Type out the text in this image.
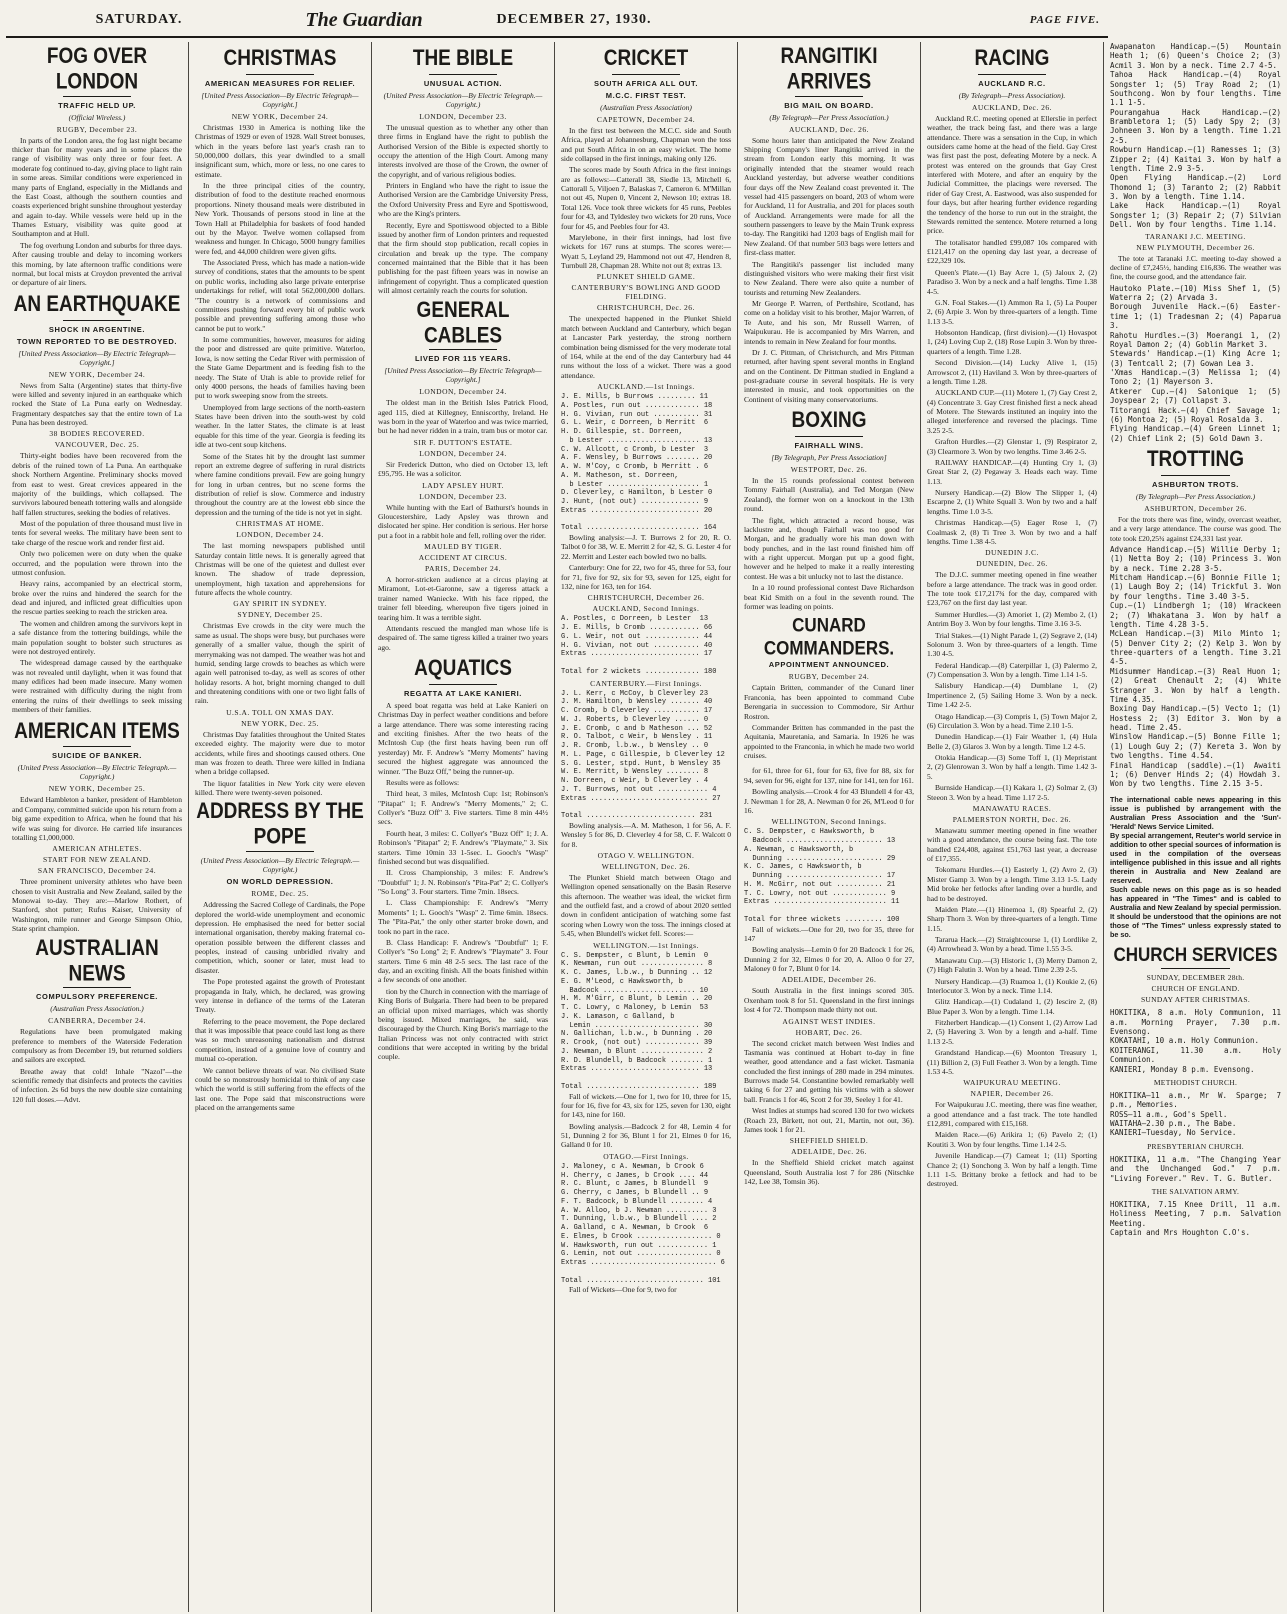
SATURDAY.	The Guardian	DECEMBER 27, 1930.	PAGE FIVE.
FOG OVER LONDON
TRAFFIC HELD UP.
(Official Wireless.)
RUGBY, December 23.

In parts of the London area, the fog last night became thicker than for many years and in some places the range of visibility was only three or four feet. A moderate fog continued to-day, giving place to light rain in some areas. Similar conditions were experienced in many parts of England, especially in the Midlands and the East Coast, although the southern counties and coasts experienced bright sunshine throughout yesterday and again to-day. While vessels were held up in the Thames Estuary, visibility was quite good at Southampton and at Hull.

The fog overhung London and suburbs for three days. After causing trouble and delay to incoming workers this morning, by late afternoon traffic conditions were normal, but local mists at Croydon prevented the arrival or departure of air liners.

AN EARTHQUAKE
SHOCK IN ARGENTINE.
TOWN REPORTED TO BE DESTROYED.
[United Press Association—By Electric Telegraph—Copyright.]
NEW YORK, December 24.

News from Salta (Argentine) states that thirty-five were killed and seventy injured in an earthquake which rocked the State of La Puna early on Wednesday. Fragmentary despatches say that the entire town of La Puna has been destroyed.

38 BODIES RECOVERED.
VANCOUVER, Dec. 25.

Thirty-eight bodies have been recovered from the debris of the ruined town of La Puna. An earthquake shock Northern Argentine. Preliminary shocks moved from east to west. Great crevices appeared in the majority of the buildings, which collapsed. The survivors laboured beneath tottering walls and alongside half fallen structures, seeking the bodies of relatives.

Most of the population of three thousand must live in tents for several weeks. The military have been sent to take charge of the rescue work and render first aid.

Only two policemen were on duty when the quake occurred, and the population were thrown into the utmost confusion.

Heavy rains, accompanied by an electrical storm, broke over the ruins and hindered the search for the dead and injured, and inflicted great difficulties upon the rescue parties seeking to reach the stricken area.

The women and children among the survivors kept in a safe distance from the tottering buildings, while the main population sought to bolster such structures as were not destroyed entirely.

The widespread damage caused by the earthquake was not revealed until daylight, when it was found that many edifices had been made insecure. Many women were restrained with difficulty during the night from entering the ruins of their dwellings to seek missing members of their families.

AMERICAN ITEMS
SUICIDE OF BANKER.
(United Press Association—By Electric Telegraph.—Copyright.)
NEW YORK, December 25.

Edward Hambleton a banker, president of Hambleton and Company, committed suicide upon his return from a big game expedition to Africa, when he found that his wife was suing for divorce. He carried life insurances totalling £1,000,000.

AMERICAN ATHLETES.
START FOR NEW ZEALAND.
SAN FRANCISCO, December 24.

Three prominent university athletes who have been chosen to visit Australia and New Zealand, sailed by the Monowai to-day. They are:—Marlow Rothert, of Stanford, shot putter; Rufus Kaiser, University of Washington, mile runner and George Simpson Ohio, State sprint champion.

AUSTRALIAN NEWS
COMPULSORY PREFERENCE.
(Australian Press Association.)
CANBERRA, December 24.

Regulations have been promulgated making preference to members of the Waterside Federation compulsory as from December 19, but returned soldiers and sailors are excepted.

Breathe away that cold! Inhale "Nazol"—the scientific remedy that disinfects and protects the cavities of infection. 2s 6d buys the new double size containing 120 full doses.—Advt.

CHRISTMAS
AMERICAN MEASURES FOR RELIEF.
[United Press Association—By Electric Telegraph—Copyright.]
NEW YORK, December 24.

Christmas 1930 in America is nothing like the Christmas of 1929 or even of 1928. Wall Street bonuses, which in the years before last year's crash ran to 50,000,000 dollars, this year dwindled to a small insignificant sum, which, more or less, no one cares to estimate.

In the three principal cities of the country, distribution of food to the destitute reached enormous proportions. Ninety thousand meals were distributed in New York. Thousands of persons stood in line at the Town Hall at Philadelphia for baskets of food handed out by the Mayor. Twelve women collapsed from weakness and hunger. In Chicago, 5000 hungry families were fed, and 44,000 children were given gifts.

The Associated Press, which has made a nation-wide survey of conditions, states that the amounts to be spent on public works, including also large private enterprise undertakings for relief, will total 562,000,000 dollars. "The country is a network of commissions and committees pushing forward every bit of public work possible and preventing suffering among those who cannot be put to work."

In some communities, however, measures for aiding the poor and distressed are quite primitive. Waterloo, Iowa, is now setting the Cedar River with permission of the State Game Department and is feeding fish to the needy. The State of Utah is able to provide relief for only 4000 persons, the heads of families having been put to work sweeping snow from the streets.

Unemployed from large sections of the north-eastern States have been driven into the south-west by cold weather. In the latter States, the climate is at least equable for this time of the year. Georgia is feeding its idle at two-cent soup kitchens.

Some of the States hit by the drought last summer report an extreme degree of suffering in rural districts where famine conditions prevail. Few are going hungry for long in urban centres, but no scene forms the distribution of relief is slow. Commerce and industry throughout the country are at the lowest ebb since the depression and the turning of the tide is not yet in sight.

CHRISTMAS AT HOME.
LONDON, December 24.

The last morning newspapers published until Saturday contain little news. It is generally agreed that Christmas will be one of the quietest and dullest ever known. The shadow of trade depression, unemployment, high taxation and apprehensions for future affects the whole country.

GAY SPIRIT IN SYDNEY.
SYDNEY, December 25.

Christmas Eve crowds in the city were much the same as usual. The shops were busy, but purchases were generally of a smaller value, though the spirit of merrymaking was not damped. The weather was hot and humid, sending large crowds to beaches as which were again well patronised to-day, as well as scores of other holiday resorts. A hot, bright morning changed to dull and threatening conditions with one or two light falls of rain.

U.S.A. TOLL ON XMAS DAY.
NEW YORK, Dec. 25.

Christmas Day fatalities throughout the United States exceeded eighty. The majority were due to motor accidents, while fires and shootings caused others. One man was frozen to death. Three were killed in Indiana when a bridge collapsed.

The liquor fatalities in New York city were eleven killed. There were twenty-seven poisoned.

ADDRESS BY THE POPE
(United Press Association—By Electric Telegraph.—Copyright.)
ON WORLD DEPRESSION.
ROME, Dec. 25.

Addressing the Sacred College of Cardinals, the Pope deplored the world-wide unemployment and economic depression. He emphasised the need for better social international organisation, thereby making fraternal co-operation possible between the different classes and peoples, instead of causing unbridled rivalry and competition, which, sooner or later, must lead to disaster.

The Pope protested against the growth of Protestant propaganda in Italy, which, he declared, was growing very intense in defiance of the terms of the Lateran Treaty.

Referring to the peace movement, the Pope declared that it was impossible that peace could last long as there was so much unreasoning nationalism and distrust competition, instead of a genuine love of country and mutual co-operation.

We cannot believe threats of war. No civilised State could be so monstrously homicidal to think of any case which the world is still suffering from the effects of the last one. The Pope said that misconstructions were placed on the arrangements same

THE BIBLE
UNUSUAL ACTION.
(United Press Association—By Electric Telegraph.—Copyright.)
LONDON, December 23.

The unusual question as to whether any other than three firms in England have the right to publish the Authorised Version of the Bible is expected shortly to occupy the attention of the High Court. Among many interests involved are those of the Crown, the owner of the copyright, and of various religious bodies.

Printers in England who have the right to issue the Authorised Version are the Cambridge University Press, the Oxford University Press and Eyre and Spottiswood, who are the King's printers.

Recently, Eyre and Spottiswood objected to a Bible issued by another firm of London printers and requested that the firm should stop publication, recall copies in circulation and break up the type. The company concerned maintained that the Bible that it has been publishing for the past fifteen years was in nowise an infringement of copyright. Thus a complicated question will almost certainly reach the courts for solution.

GENERAL CABLES
LIVED FOR 115 YEARS.
[United Press Association—By Electric Telegraph—Copyright.]
LONDON, December 24.

The oldest man in the British Isles Patrick Flood, aged 115, died at Killegney, Enniscorthy, Ireland. He was born in the year of Waterloo and was twice married, but he had never ridden in a train, tram bus or motor car.

SIR F. DUTTON'S ESTATE.
LONDON, December 24.

Sir Frederick Dutton, who died on October 13, left £95,795. He was a solicitor.

LADY APSLEY HURT.
LONDON, December 23.

While hunting with the Earl of Bathurst's hounds in Gloucestershire, Lady Apsley was thrown and dislocated her spine. Her condition is serious. Her horse put a foot in a rabbit hole and fell, rolling over the rider.

MAULED BY TIGER.
ACCIDENT AT CIRCUS.
PARIS, December 24.

A horror-stricken audience at a circus playing at Miramont, Lot-et-Garonne, saw a tigeress attack a trainer named Waniecke. With his face ripped, the trainer fell bleeding, whereupon five tigers joined in tearing him. It was a terrible sight.

Attendants rescued the mangled man whose life is despaired of. The same tigress killed a trainer two years ago.

AQUATICS
REGATTA AT LAKE KANIERI.

A speed boat regatta was held at Lake Kanieri on Christmas Day in perfect weather conditions and before a large attendance. There was some interesting racing and exciting finishes. After the two heats of the McIntosh Cup (the first heats having been run off yesterday) Mr. F. Andrew's "Merry Moments" having secured the highest aggregate was announced the winner. "The Buzz Off," being the runner-up.

Results were as follows:

Third heat, 3 miles, McIntosh Cup: 1st; Robinson's "Pitapat" 1; F. Andrew's "Merry Moments," 2; C. Collyer's "Buzz Off" 3. Five starters. Time 8 min 44½ secs.

Fourth heat, 3 miles: C. Collyer's "Buzz Off" 1; J. A. Robinson's "Pitapat" 2; F. Andrew's "Playmate," 3. Six starters. Time 10min 33 1-5sec. L. Gooch's "Wasp" finished second but was disqualified.

II. Cross Championship, 3 miles: F. Andrew's "Doubtful" 1; J. N. Robinson's "Pita-Pat" 2; C. Collyer's "So Long" 3. Four starters. Time 7min. 18secs.

L. Class Championship: F. Andrew's "Merry Moments" 1; L. Gooch's "Wasp" 2. Time 6min. 18secs. The "Pita-Pat," the only other starter broke down, and took no part in the race.

B. Class Handicap: F. Andrew's "Doubtful" 1; F. Collyer's "So Long" 2; F. Andrew's "Playmate" 3. Four starters. Time 6 min 48 2-5 secs. The last race of the day, and an exciting finish. All the boats finished within a few seconds of one another.

tion by the Church in connection with the marriage of King Boris of Bulgaria. There had been to be prepared an official upon mixed marriages, which was shortly being issued. Mixed marriages, he said, was discouraged by the Church. King Boris's marriage to the Italian Princess was not only contracted with strict conditions that were accepted in writing by the bridal couple.

CRICKET
SOUTH AFRICA ALL OUT.
M.C.C. FIRST TEST.
(Australian Press Association)
CAPETOWN, December 24.

In the first test between the M.C.C. side and South Africa, played at Johannesburg, Chapman won the toss and put South Africa in on an easy wicket. The home side collapsed in the first innings, making only 126.

The scores made by South Africa in the first innings are as follows:—Catterall 38, Siedle 13, Mitchell 6, Cattorall 5, Viljoen 7, Balaskas 7, Cameron 6. M'Millan not out 45, Nupen 0, Vincent 2, Newson 10; extras 18. Total 126. Voce took three wickets for 45 runs, Peebles four for 43, and Tyldesley two wickets for 20 runs, Voce four for 45, and Peebles four for 43.

Marylebone, in their first innings, had lost five wickets for 167 runs at stumps. The scores were:—Wyatt 5, Leyland 29, Hammond not out 47, Hendren 8, Turnbull 28, Chapman 28. White not out 8; extras 13.

PLUNKET SHIELD GAME.
CANTERBURY'S BOWLING AND GOOD FIELDING.
CHRISTCHURCH, Dec. 26.

The unexpected happened in the Plunket Shield match between Auckland and Canterbury, which began at Lancaster Park yesterday, the strong northern combination being dismissed for the very moderate total of 164, while at the end of the day Canterbury had 44 runs without the loss of a wicket. There was a good attendance.

AUCKLAND.—1st Innings.
J. E. Mills, b Burrows ......... 11
A. Postles, run out ............. 18
H. G. Vivian, run out ........... 31
G. L. Weir, c Dorreen, b Merritt  6
H. D. Gillespie, st. Dorreen,
b Lester ...................... 13
C. W. Allcott, c Cromb, b Lester  3
A. F. Wensley, b Burrows ........ 20
A. W. M'Coy, c Cromb, b Merritt . 6
A. M. Matheson, st. Dorreen,
b Lester ...................... 1
D. Cleverley, c Hamilton, b Lester 0
J. Hunt, (not out) .............. 9
Extras .......................... 20

Total ........................... 164

Bowling analysis:—J. T. Burrows 2 for 20, R. O. Talbot 0 for 38, W. E. Merritt 2 for 42, S. G. Lester 4 for 22. Merritt and Lester each bowled two no balls.

Canterbury: One for 22, two for 45, three for 53, four for 71, five for 92, six for 93, seven for 125, eight for 132, nine for 163, ten for 164.

CHRISTCHURCH, December 26.
AUCKLAND, Second Innings.
A. Postles, c Dorreen, b Lester  13
J. E. Mills, b Cromb ............ 66
G. L. Weir, not out ............. 44
H. G. Vivian, not out ........... 40
Extras .......................... 17

Total for 2 wickets ............. 180
CANTERBURY.—First Innings.
J. L. Kerr, c McCoy, b Cleverley 23
J. M. Hamilton, b Wensley ....... 40
C. Cromb, b Cleverley ........... 17
W. J. Roberts, b Cleverley ...... 0
J. E. Cromb, c and b Matheson ... 52
R. O. Talbot, c Weir, b Wensley . 11
J. R. Cromb, l.b.w., b Wensley .. 0
M. L. Page, c Gillespie, b Cleverley 12
S. G. Lester, stpd. Hunt, b Wensley 35
W. E. Merritt, b Wensley ........ 8
N. Dorreen, c Weir, b Cleverley . 4
J. T. Burrows, not out ............ 4
Extras ............................ 27

Total .......................... 231

Bowling analysis.—A. M. Matheson, 1 for 56, A. F. Wensley 5 for 86, D. Cleverley 4 for 58, C. F. Walcott 0 for 8.

OTAGO V. WELLINGTON.
WELLINGTON, Dec. 26.

The Plunket Shield match between Otago and Wellington opened sensationally on the Basin Reserve this afternoon. The weather was ideal, the wicket firm and the outfield fast, and a crowd of about 2020 settled down in confident anticipation of watching some fast scoring when Lowry won the toss. The innings closed at 5.45, when Blundell's wicket fell. Scores:—

WELLINGTON.—1st Innings.
C. S. Dempster, c Blunt, b Lemin  0
K. Newman, run out ............... 8
K. C. James, l.b.w., b Dunning .. 12
E. G. M'Leod, c Hawksworth, b
Badcock ...................... 10
H. M. M'Girr, c Blunt, b Lemin .. 20
T. C. Lowry, c Maloney, b Lemin  53
J. K. Lamason, c Galland, b
Lemin ......................... 30
N. Gallichan, l.b.w., b Dunning . 20
R. Crook, (not out) ............. 39
J. Newman, b Blunt ............... 2
R. D. Blundell, b Badcock ........ 1
Extras .......................... 13

Total ........................... 189

Fall of wickets.—One for 1, two for 10, three for 15, four for 16, five for 43, six for 125, seven for 130, eight for 143, nine for 160.

Bowling analysis.—Badcock 2 for 48, Lemin 4 for 51, Dunning 2 for 36, Blunt 1 for 21, Elmes 0 for 16, Galland 0 for 10.

OTAGO.—First Innings.
J. Maloney, c A. Newman, b Crook 6
H. Cherry, c James, b Crook .... 44
R. C. Blunt, c James, b Blundell  9
G. Cherry, c James, b Blundell .. 9
F. T. Badcock, b Blundell ........ 4
A. W. Alloo, b J. Newman .......... 3
T. Dunning, l.b.w., b Blundell .... 2
A. Galland, c A. Newman, b Crook  6
E. Elmes, b Crook .................. 0
W. Hawksworth, run out ............ 1
G. Lemin, not out .................. 0
Extras .............................. 6

Total ............................ 101

Fall of Wickets—One for 9, two for

RANGITIKI ARRIVES
BIG MAIL ON BOARD.
(By Telegraph—Per Press Association.)
AUCKLAND, Dec. 26.

Some hours later than anticipated the New Zealand Shipping Company's liner Rangitiki arrived in the stream from London early this morning. It was originally intended that the steamer would reach Auckland yesterday, but adverse weather conditions four days off the New Zealand coast prevented it. The vessel had 415 passengers on board, 203 of whom were for Auckland, 11 for Australia, and 201 for places south of Auckland. Arrangements were made for all the southern passengers to leave by the Main Trunk express to-day. The Rangitiki had 1203 bags of English mail for New Zealand. Of that number 503 bags were letters and first-class matter.

The Rangitiki's passenger list included many distinguished visitors who were making their first visit to New Zealand. There were also quite a number of tourists and returning New Zealanders.

Mr George P. Warren, of Perthshire, Scotland, has come on a holiday visit to his brother, Major Warren, of Te Aute, and his son, Mr Russell Warren, of Waipukurau. He is accompanied by Mrs Warren, and intends to remain in New Zealand for four months.

Dr J. C. Pittman, of Christchurch, and Mrs Pittman returned, after having spent several months in England and on the Continent. Dr Pittman studied in England a post-graduate course in several hospitals. He is very interested in music, and took opportunities on the Continent of visiting many conservatoriums.

BOXING
FAIRHALL WINS.
[By Telegraph, Per Press Association]
WESTPORT, Dec. 26.

In the 15 rounds professional contest between Tommy Fairhall (Australia), and Ted Morgan (New Zealand), the former won on a knockout in the 13th round.

The fight, which attracted a record house, was lacklustre and, though Fairhall was too good for Morgan, and he gradually wore his man down with body punches, and in the last round finished him off with a right uppercut. Morgan put up a good fight, however and he helped to make it a really interesting contest. He was a bit unlucky not to last the distance.

In a 10 round professional contest Dave Richardson beat Kid Smith on a foul in the seventh round. The former was leading on points.

CUNARD COMMANDERS.
APPOINTMENT ANNOUNCED.
RUGBY, December 24.

Captain Britten, commander of the Cunard liner Franconia, has been appointed to command Cube Berengaria in succession to Commodore, Sir Arthur Rostron.

Commander Britten has commanded in the past the Aquitania, Mauretania, and Samaria. In 1926 he was appointed to the Franconia, in which he made two world cruises.

for 61, three for 61, four for 63, five for 88, six for 94, seven for 96, eight for 137, nine for 141, ten for 161.

Bowling analysis.—Crook 4 for 43 Blundell 4 for 43, J. Newman 1 for 28, A. Newman 0 for 26, M'Leod 0 for 16.

WELLINGTON, Second Innings.
C. S. Dempster, c Hawksworth, b
Badcock ....................... 13
A. Newman, c Hawksworth, b
Dunning ....................... 29
K. C. James, c Hawksworth, b
Dunning ....................... 17
H. M. McGirr, not out ........... 21
T. C. Lowry, not out ............. 9
Extras ........................... 11

Total for three wickets ......... 100

Fall of wickets.—One for 20, two for 35, three for 147

Bowling analysis—Lemin 0 for 20 Badcock 1 for 26, Dunning 2 for 32, Elmes 0 for 20, A. Alloo 0 for 27, Maloney 0 for 7, Blunt 0 for 14.

ADELAIDE, December 26.

South Australia in the first innings scored 305. Oxenham took 8 for 51. Queensland in the first innings lost 4 for 72. Thompson made thirty not out.

AGAINST WEST INDIES.
HOBART, Dec. 26.

The second cricket match between West Indies and Tasmania was continued at Hobart to-day in fine weather, good attendance and a fast wicket. Tasmania concluded the first innings of 280 made in 294 minutes. Burrows made 54. Constantine bowled remarkably well taking 6 for 27 and getting his victims with a slower ball. Francis 1 for 46, Scott 2 for 39, Seeley 1 for 41.

West Indies at stumps had scored 130 for two wickets (Roach 23, Birkett, not out, 21, Martin, not out, 36). James took 1 for 21.

SHEFFIELD SHIELD.
ADELAIDE, Dec. 26.

In the Sheffield Shield cricket match against Queensland, South Australia lost 7 for 286 (Nitschke 142, Lee 38, Tomsin 36).

RACING
AUCKLAND R.C.
(By Telegraph—Press Association).
AUCKLAND, Dec. 26.

Auckland R.C. meeting opened at Ellerslie in perfect weather, the track being fast, and there was a large attendance. There was a sensation in the Cup, in which outsiders came home at the head of the field. Gay Crest was first past the post, defeating Motere by a neck. A protest was entered on the grounds that Gay Crest interfered with Motere, and after an enquiry by the Judicial Committee, the placings were reversed. The rider of Gay Crest, A. Eastwood, was also suspended for four days, but after hearing further evidence regarding the tendency of the horse to run out in the straight, the Stewards remitted the sentence. Motere returned a long price.

The totalisator handled £99,087 10s compared with £121,417 on the opening day last year, a decrease of £22,329 10s.

Queen's Plate.—(1) Bay Acre 1, (5) Jaloux 2, (2) Paradiso 3. Won by a neck and a half lengths. Time 1.38 4-5.

G.N. Foal Stakes.—(1) Ammon Ra 1, (5) La Pouper 2, (6) Arpie 3. Won by three-quarters of a length. Time 1.13 3-5.

Hobsonton Handicap, (first division).—(1) Hovaspot 1, (24) Loving Cup 2, (18) Rose Lupin 3. Won by three-quarters of a length. Time 1.28.

Second Division.—(14) Lucky Alive 1, (15) Arrowscot 2, (11) Haviland 3. Won by three-quarters of a length. Time 1.28.

AUCKLAND CUP.—(11) Motere 1, (7) Gay Crest 2, (4) Concentrate 3. Gay Crest finished first a neck ahead of Motere. The Stewards instituted an inquiry into the alleged interference and reversed the placings. Time 3.25 2-5.

Grafton Hurdles.—(2) Glenstar 1, (9) Respirator 2, (3) Clearmore 3. Won by two lengths. Time 3.46 2-5.

RAILWAY HANDICAP.—(4) Hunting Cry 1, (3) Great Star 2, (2) Pegaway 3. Heads each way. Time 1.13.

Nursery Handicap.—(2) Blow The Slipper 1, (4) Escarpne 2, (1) White Squall 3. Won by two and a half lengths. Time 1.0 3-5.

Christmas Handicap.—(5) Eager Rose 1, (7) Coalmask 2, (8) Ti Tree 3. Won by two and a half lengths. Time 1.38 4-5.

DUNEDIN J.C.
DUNEDIN, Dec. 26.

The D.J.C. summer meeting opened in fine weather before a large attendance. The track was in good order. The tote took £17,217¾ for the day, compared with £23,767 on the first day last year.

Summer Hurdles.—(3) Amoriet 1, (2) Membo 2, (1) Antrim Boy 3. Won by four lengths. Time 3.16 3-5.

Trial Stakes.—(1) Night Parade 1, (2) Segrave 2, (14) Solonum 3. Won by three-quarters of a length. Time 1.30 4-5.

Federal Handicap.—(8) Caterpillar 1, (3) Palermo 2, (7) Compensation 3. Won by a length. Time 1.14 1-5.

Salisbury Handicap.—(4) Dumblane 1, (2) Impertinence 2, (5) Sailing Home 3. Won by a neck. Time 1.42 2-5.

Otago Handicap.—(3) Compris 1, (5) Town Major 2, (6) Circulation 3. Won by a head. Time 2.10 1-5.

Dunedin Handicap.—(1) Fair Weather 1, (4) Hula Belle 2, (3) Glaros 3. Won by a length. Time 1.2 4-5.

Otokia Handicap.—(3) Some Toff 1, (1) Mepristant 2, (2) Glenrowan 3. Won by half a length. Time 1.42 3-5.

Burnside Handicap.—(1) Kakara 1, (2) Solmar 2, (3) Steeon 3. Won by a head. Time 1.17 2-5.

MANAWATU RACES.
PALMERSTON NORTH, Dec. 26.

Manawatu summer meeting opened in fine weather with a good attendance, the course being fast. The tote handled £24,408, against £51,763 last year, a decrease of £17,355.

Tokomaru Hurdles.—(1) Easterly 1, (2) Avro 2, (3) Mister Gamp 3. Won by a length. Time 3.13 1-5. Lady Mid broke her fetlocks after landing over a hurdle, and had to be destroyed.

Maiden Plate.—(1) Hinemoa 1, (8) Spearful 2, (2) Sharp Thorn 3. Won by three-quarters of a length. Time 1.15.

Tararua Hack.—(2) Straightcourse 1, (1) Lordlike 2, (4) Arrowhead 3. Won by a head. Time 1.55 3-5.

Manawatu Cup.—(3) Historic 1, (3) Merry Damon 2, (7) High Falutin 3. Won by a head. Time 2.39 2-5.

Nursery Handicap.—(3) Ruamoa 1, (1) Koukie 2, (6) Interlocutor 3. Won by a neck. Time 1.14.

Glitz Handicap.—(1) Cudaland 1, (2) Iescire 2, (8) Blue Paper 3. Won by a length. Time 1.14.

Fitzherbert Handicap.—(1) Consent 1, (2) Arrow Lad 2, (5) Havering 3. Won by a length and a-half. Time 1.13 2-5.

Grandstand Handicap.—(6) Moonton Treasury 1, (11) Billion 2, (3) Full Feather 3. Won by a length. Time 1.53 4-5.

WAIPUKURAU MEETING.
NAPIER, December 26.

For Waipukurau J.C. meeting, there was fine weather, a good attendance and a fast track. The tote handled £12,891, compared with £15,168.

Maiden Race.—(6) Arikira 1; (6) Pavelo 2; (1) Koutiti 3. Won by four lengths. Time 1.14 2-5.

Juvenile Handicap.—(7) Cameat 1; (11) Sporting Chance 2; (1) Sonchong 3. Won by half a length. Time 1.11 1-5. Brittany broke a fetlock and had to be destroyed.

Awapanaton Handicap.—(5) Mountain Heath 1; (6) Queen's Choice 2; (3) Acmil 3. Won by a neck. Time 2.7 4-5.
Tahoa Hack Handicap.—(4) Royal Songster 1; (5) Tray Road 2; (1) Southcong. Won by four lengths. Time 1.1 1-5.
Pourangahua Hack Handicap.—(2) Brambletora 1; (5) Lady Spy 2; (3) Johneen 3. Won by a length. Time 1.21 2-5.
Rowburn Handicap.—(1) Ramesses 1; (3) Zipper 2; (4) Kaitai 3. Won by half a length. Time 2.9 3-5.
Open Flying Handicap.—(2) Lord Thomond 1; (3) Taranto 2; (2) Rabbit 3. Won by a length. Time 1.14.
Lake Hack Handicap.—(1) Royal Songster 1; (3) Repair 2; (7) Silvian Dell. Won by four lengths. Time 1.14.
TARANAKI J.C. MEETING.
NEW PLYMOUTH, December 26.

The tote at Taranaki J.C. meeting to-day showed a decline of £7,245½, handing £16,836. The weather was fine, the course good, and the attendance fair.

Hautoko Plate.—(10) Miss Shef 1, (5) Waterra 2; (2) Arvada 3.
Borough Juvenile Hack.—(6) Easter-time 1; (1) Tradesman 2; (4) Paparua 3.
Rahotu Hurdles.—(3) Moerangi 1, (2) Royal Damon 2; (4) Goblin Market 3.
Stewards' Handicap.—(1) King Acre 1; (3) Tentcall 2; (7) Gowan Lea 3.
'Xmas Handicap.—(3) Melissa 1; (4) Tono 2; (1) Mayerson 3.
Atkerer Cup.—(4) Salonique 1; (5) Joyspear 2; (7) Collapst 3.
Titorangi Hack.—(4) Chief Savage 1; (6) Montoa 2; (5) Royal Rosalda 3.
Flying Handicap.—(4) Green Linnet 1; (2) Chief Link 2; (5) Gold Dawn 3.
TROTTING
ASHBURTON TROTS.
(By Telegraph—Per Press Association.)
ASHBURTON, December 26.

For the trots there was fine, windy, overcast weather, and a very large attendance. The course was good. The tote took £20,25¾ against £24,331 last year.

Advance Handicap.—(5) Willie Derby 1; (1) Netta Boy 2; (10) Princess 3. Won by a neck. Time 2.28 3-5.
Mitcham Handicap.—(6) Bonnie Fille 1; (1) Laugh Boy 2; (14) Trickful 3. Won by four lengths. Time 3.40 3-5.
Cup.—(1) Lindbergh 1; (10) Wrackeen 2; (7) Whakatana 3. Won by half a length. Time 4.28 3-5.
McLean Handicap.—(3) Milo Minto 1; (5) Denver City 2; (2) Kelp 3. Won by three-quarters of a length. Time 3.21 4-5.
Midsummer Handicap.—(3) Real Huon 1; (2) Great Chenault 2; (4) White Stranger 3. Won by half a length. Time 4.35.
Boxing Day Handicap.—(5) Vecto 1; (1) Hostess 2; (3) Editor 3. Won by a head. Time 2.45.
Winslow Handicap.—(5) Bonne Fille 1; (1) Lough Guy 2; (7) Kereta 3. Won by two lengths. Time 4.54.
Final Handicap (saddle).—(1) Awaiti 1; (6) Denver Hinds 2; (4) Howdah 3. Won by two lengths. Time 2.15 3-5.
The international cable news appearing in this issue is published by arrangement with the Australian Press Association and the 'Sun'-'Herald' News Service Limited.
By special arrangement, Reuter's world service in addition to other special sources of information is used in the compilation of the overseas intelligence published in this issue and all rights therein in Australia and New Zealand are reserved.
Such cable news on this page as is so headed has appeared in "The Times" and is cabled to Australia and New Zealand by special permission. It should be understood that the opinions are not those of "The Times" unless expressly stated to be so.
CHURCH SERVICES
SUNDAY, DECEMBER 28th.
CHURCH OF ENGLAND.
SUNDAY AFTER CHRISTMAS.
HOKITIKA, 8 a.m. Holy Communion, 11 a.m. Morning Prayer, 7.30 p.m. Evensong.
KOKATAHI, 10 a.m. Holy Communion.
KOITERANGI, 11.30 a.m. Holy Communion.
KANIERI, Monday 8 p.m. Evensong.
METHODIST CHURCH.
HOKITIKA—11 a.m., Mr W. Sparge; 7 p.m., Memories.
ROSS—11 a.m., God's Spell.
WAITAHA—2.30 p.m., The Babe.
KANIERI—Tuesday, No Service.
PRESBYTERIAN CHURCH.
HOKITIKA, 11 a.m. "The Changing Year and the Unchanged God." 7 p.m. "Living Forever." Rev. T. G. Butler.
THE SALVATION ARMY.
HOKITIKA, 7.15 Knee Drill, 11 a.m. Holiness Meeting, 7 p.m. Salvation Meeting.
Captain and Mrs Houghton C.O's.
